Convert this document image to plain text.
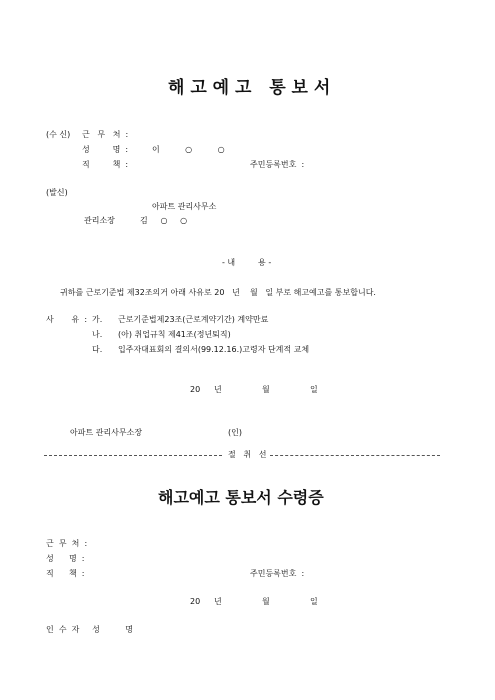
해 고 예 고   통 보 서
(수 신) 근   무   처  :
성         명  :	이          ○          ○
직         책  :	주민등록번호  :
(발신)
아파트 관리사무소
관리소장	김     ○     ○
- 내         용 -
귀하를 근로기준법 제32조의거 아래 사유로 20   년    월   일 부로 해고예고를 통보합니다.
사       유  : 가. 근로기준법제23조(근로계약기간) 계약만료
나. (아) 취업규칙 제41조(정년퇴직)
다. 입주자대표회의 결의서(99.12.16.)고령자 단계적 교체
20 년	월	일
아파트 관리사무소장	(인)
절   취   선
해고예고 통보서 수령증
근  무  처  :
성      명  :
직      책  :	주민등록번호  :
20 년	월	일
인  수  자     성          명
